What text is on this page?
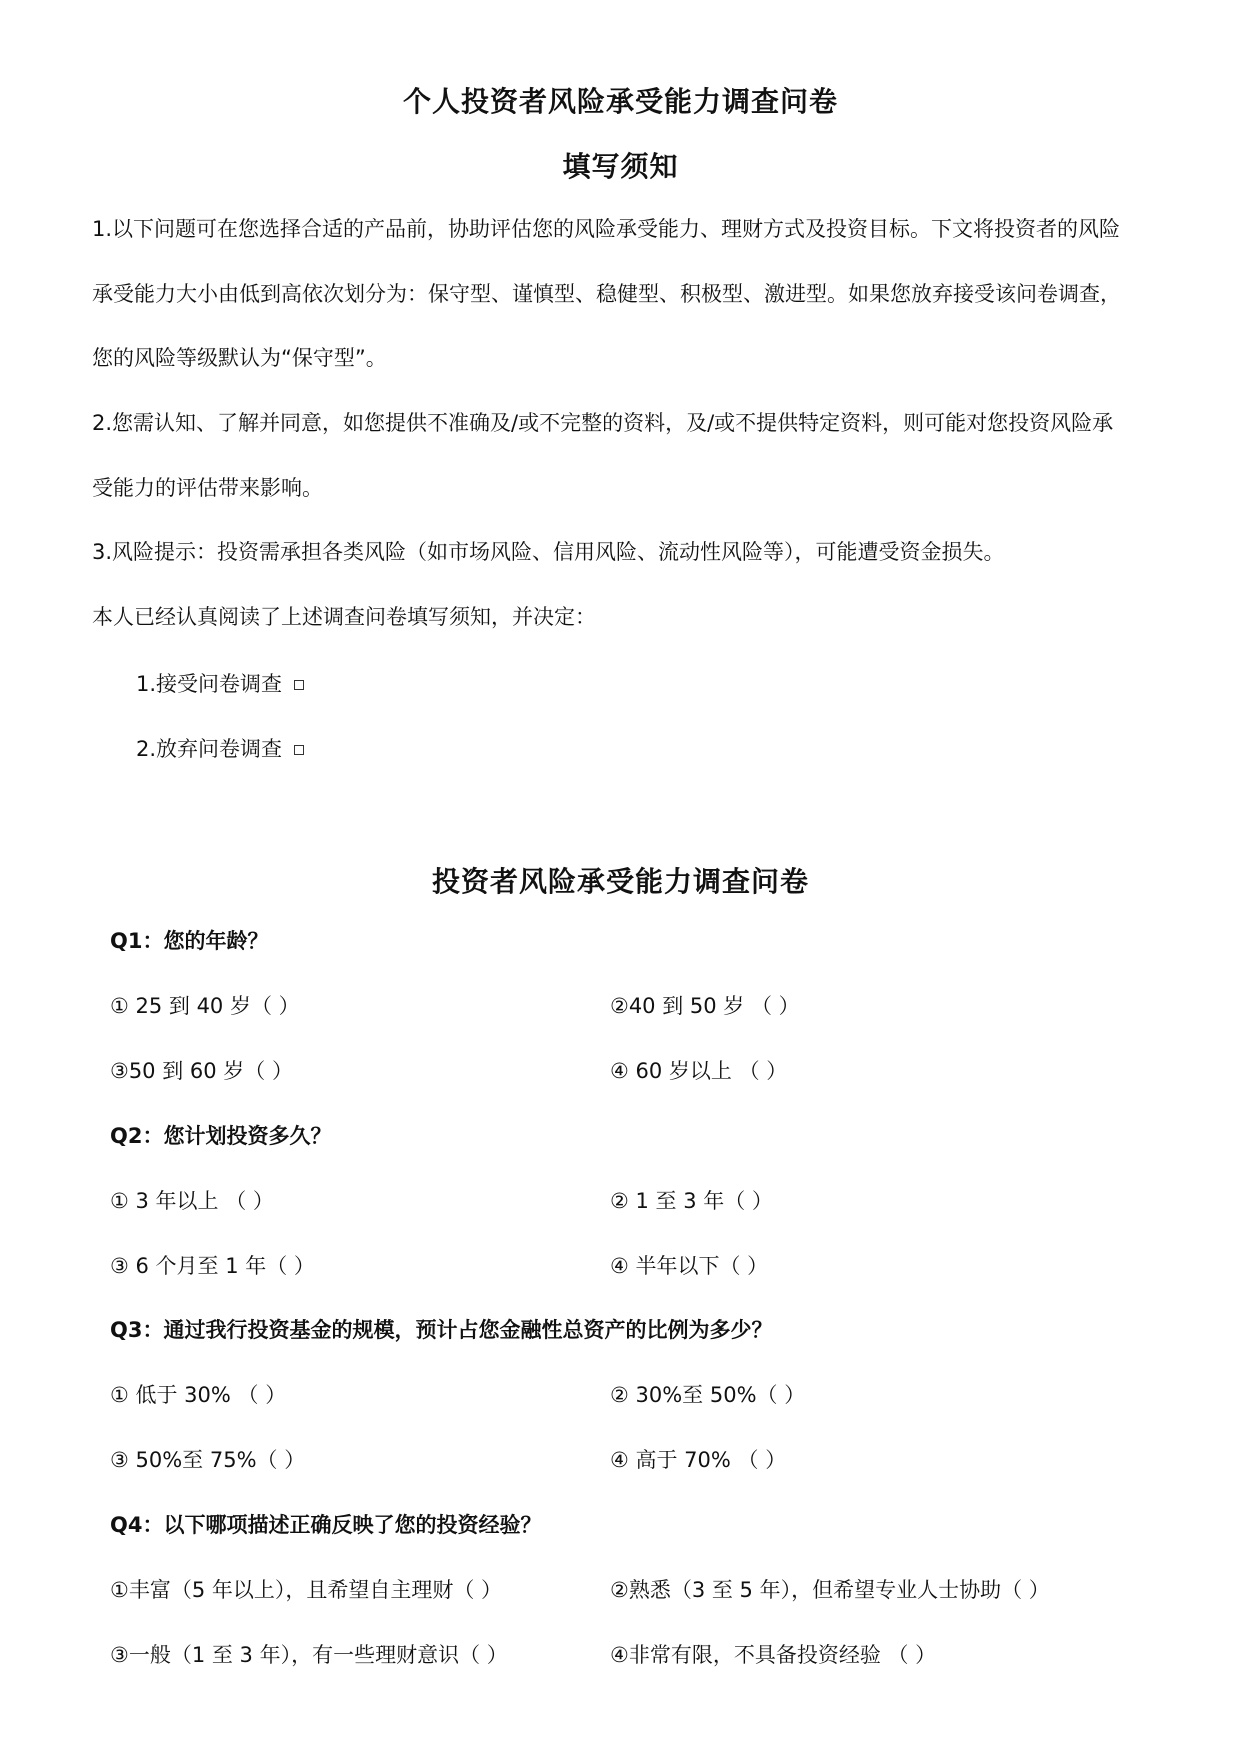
个人投资者风险承受能力调查问卷
填写须知
1.以下问题可在您选择合适的产品前，协助评估您的风险承受能力、理财方式及投资目标。下文将投资者的风险
承受能力大小由低到高依次划分为：保守型、谨慎型、稳健型、积极型、激进型。如果您放弃接受该问卷调查，
您的风险等级默认为“保守型”。
2.您需认知、了解并同意，如您提供不准确及/或不完整的资料，及/或不提供特定资料，则可能对您投资风险承
受能力的评估带来影响。
3.风险提示：投资需承担各类风险（如市场风险、信用风险、流动性风险等），可能遭受资金损失。
本人已经认真阅读了上述调查问卷填写须知，并决定：
1.接受问卷调查
2.放弃问卷调查
投资者风险承受能力调查问卷
Q1：您的年龄？
① 25 到 40 岁（ ）	②40 到 50 岁 （ ）
③50 到 60 岁（ ）	④ 60 岁以上 （ ）
Q2：您计划投资多久？
① 3 年以上 （ ）	② 1 至 3 年（ ）
③ 6 个月至 1 年（ ）	④ 半年以下（ ）
Q3：通过我行投资基金的规模，预计占您金融性总资产的比例为多少？
① 低于 30% （ ）	② 30%至 50%（ ）
③ 50%至 75%（ ）	④ 高于 70% （ ）
Q4：以下哪项描述正确反映了您的投资经验？
①丰富（5 年以上），且希望自主理财（ ）	②熟悉（3 至 5 年），但希望专业人士协助（ ）
③一般（1 至 3 年），有一些理财意识（ ）	④非常有限，不具备投资经验 （ ）
